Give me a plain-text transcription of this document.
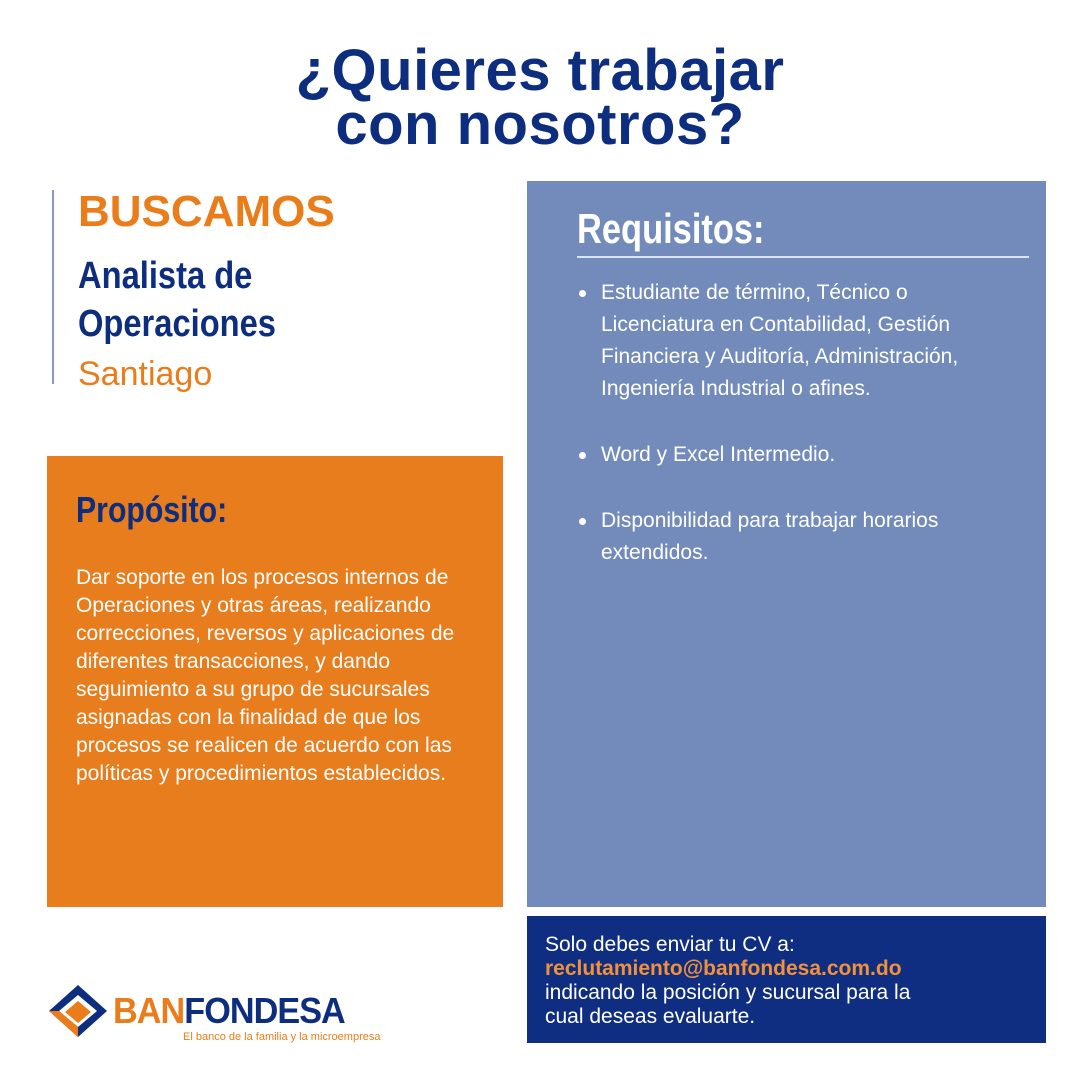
¿Quieres trabajar
con nosotros?
BUSCAMOS
Analista de
Operaciones
Santiago
Propósito:

Dar soporte en los procesos internos de Operaciones y otras áreas, realizando correcciones, reversos y aplicaciones de diferentes transacciones, y dando seguimiento a su grupo de sucursales asignadas con la finalidad de que los procesos se realicen de acuerdo con las políticas y procedimientos establecidos.

Requisitos:
Estudiante de término, Técnico o Licenciatura en Contabilidad, Gestión Financiera y Auditoría, Administración, Ingeniería Industrial o afines.
Word y Excel Intermedio.
Disponibilidad para trabajar horarios extendidos.

Solo debes enviar tu CV a:
reclutamiento@banfondesa.com.do
indicando la posición y sucursal para la
cual deseas evaluarte.

BANFONDESA
El banco de la familia y la microempresa
